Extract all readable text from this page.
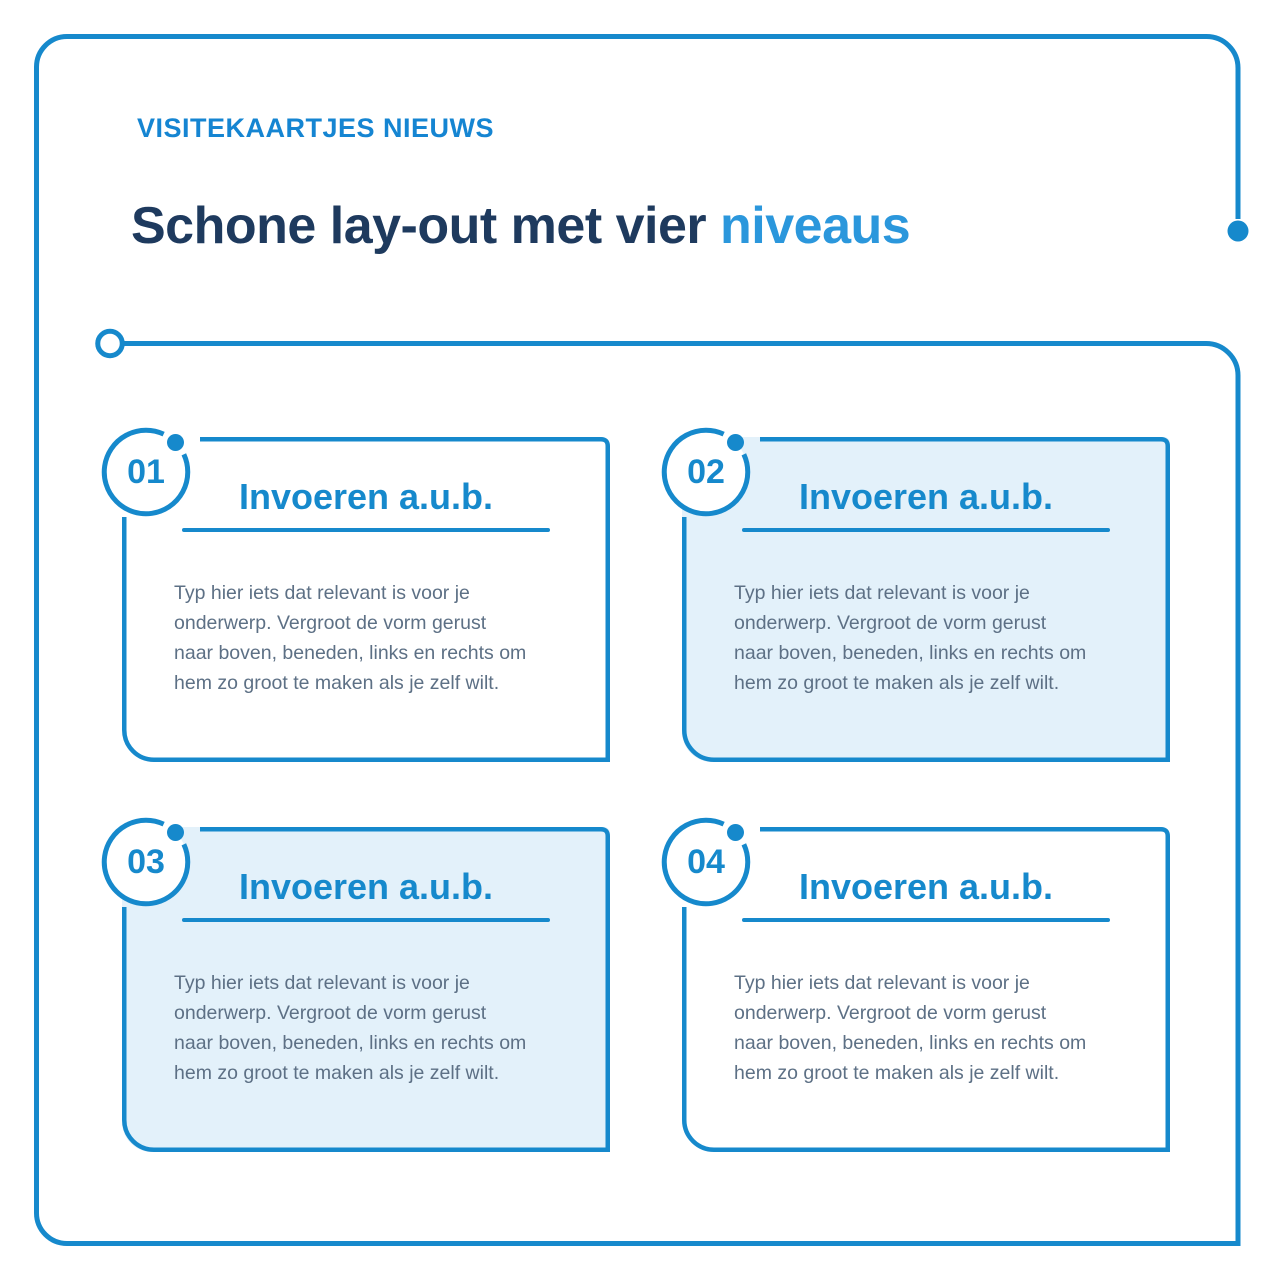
VISITEKAARTJES NIEUWS
Schone lay-out met vier niveaus
01
Invoeren a.u.b.
Typ hier iets dat relevant is voor je
onderwerp. Vergroot de vorm gerust
naar boven, beneden, links en rechts om
hem zo groot te maken als je zelf wilt.
02
Invoeren a.u.b.
Typ hier iets dat relevant is voor je
onderwerp. Vergroot de vorm gerust
naar boven, beneden, links en rechts om
hem zo groot te maken als je zelf wilt.
03
Invoeren a.u.b.
Typ hier iets dat relevant is voor je
onderwerp. Vergroot de vorm gerust
naar boven, beneden, links en rechts om
hem zo groot te maken als je zelf wilt.
04
Invoeren a.u.b.
Typ hier iets dat relevant is voor je
onderwerp. Vergroot de vorm gerust
naar boven, beneden, links en rechts om
hem zo groot te maken als je zelf wilt.
